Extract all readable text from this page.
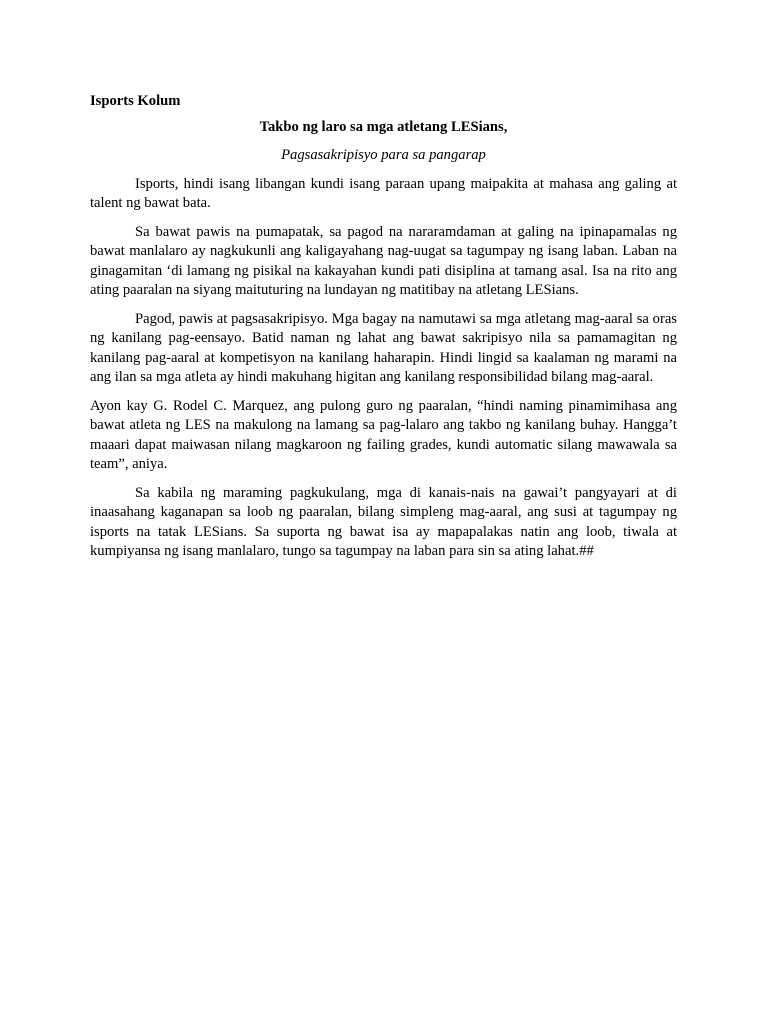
Isports Kolum

Takbo ng laro sa mga atletang LESians,

Pagsasakripisyo para sa pangarap

Isports, hindi isang libangan kundi isang paraan upang maipakita at mahasa ang galing at talent ng bawat bata.

Sa bawat pawis na pumapatak, sa pagod na nararamdaman at galing na ipinapamalas ng bawat manlalaro ay nagkukunli ang kaligayahang nag-uugat sa tagumpay ng isang laban. Laban na ginagamitan ‘di lamang ng pisikal na kakayahan kundi pati disiplina at tamang asal. Isa na rito ang ating paaralan na siyang maituturing na lundayan ng matitibay na atletang LESians.

Pagod, pawis at pagsasakripisyo. Mga bagay na namutawi sa mga atletang mag-aaral sa oras ng kanilang pag-eensayo. Batid naman ng lahat ang bawat sakripisyo nila sa pamamagitan ng kanilang pag-aaral at kompetisyon na kanilang haharapin. Hindi lingid sa kaalaman ng marami na ang ilan sa mga atleta ay hindi makuhang higitan ang kanilang responsibilidad bilang mag-aaral.

Ayon kay G. Rodel C. Marquez, ang pulong guro ng paaralan, “hindi naming pinamimihasa ang bawat atleta ng LES na makulong na lamang sa pag-lalaro ang takbo ng kanilang buhay. Hangga’t maaari dapat maiwasan nilang magkaroon ng failing grades, kundi automatic silang mawawala sa team”, aniya.

Sa kabila ng maraming pagkukulang, mga di kanais-nais na gawai’t pangyayari at di inaasahang kaganapan sa loob ng paaralan, bilang simpleng mag-aaral, ang susi at tagumpay ng isports na tatak LESians. Sa suporta ng bawat isa ay mapapalakas natin ang loob, tiwala at kumpiyansa ng isang manlalaro, tungo sa tagumpay na laban para sin sa ating lahat.##
